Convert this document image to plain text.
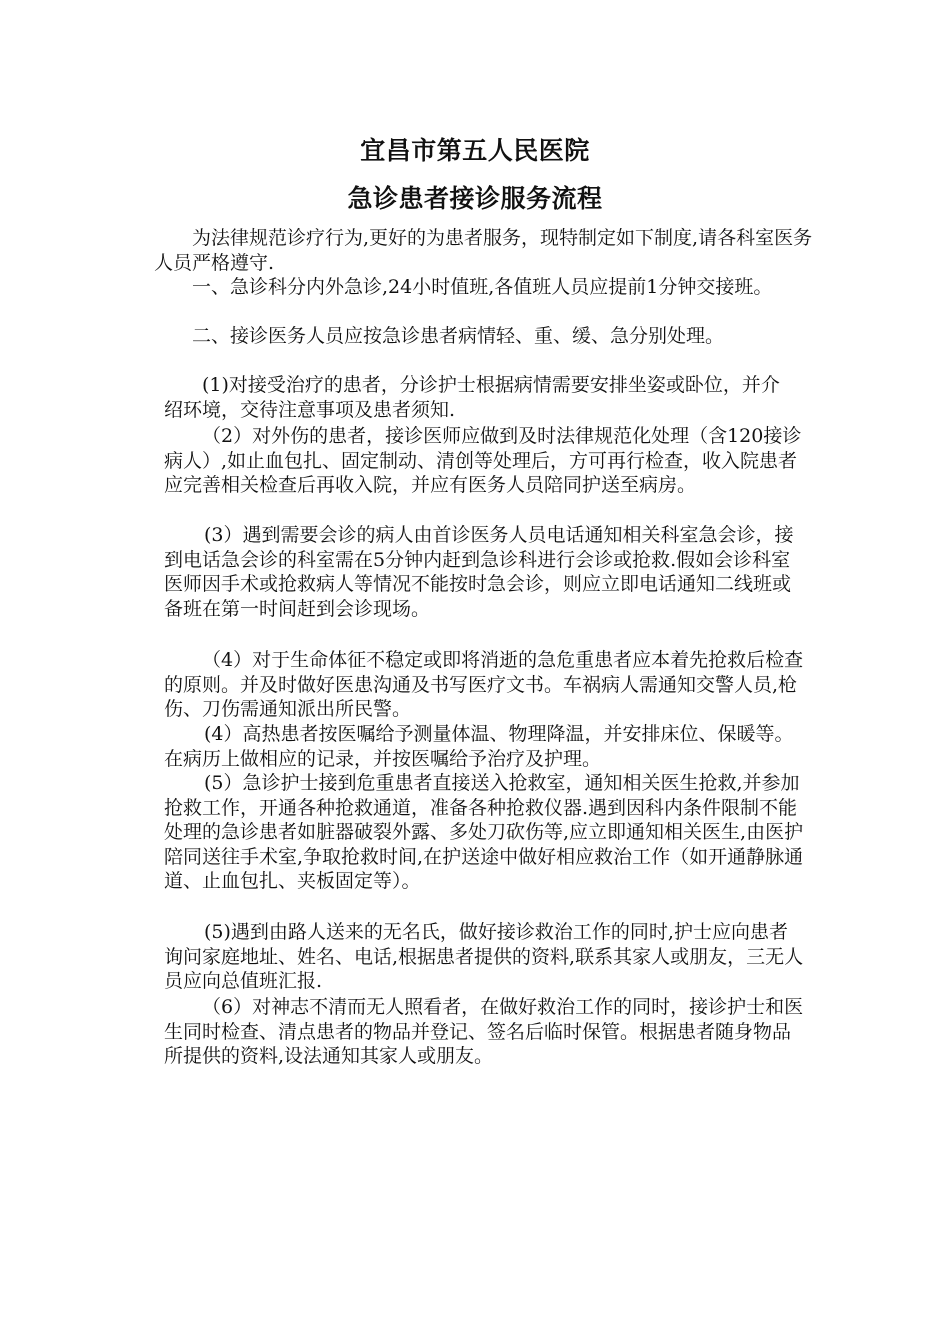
宜昌市第五人民医院
急诊患者接诊服务流程

为法律规范诊疗行为,更好的为患者服务，现特制定如下制度,请各科室医务人员严格遵守.

一、急诊科分内外急诊,24小时值班,各值班人员应提前1分钟交接班。

二、接诊医务人员应按急诊患者病情轻、重、缓、急分别处理。

(1)对接受治疗的患者，分诊护士根据病情需要安排坐姿或卧位，并介绍环境，交待注意事项及患者须知.

（2）对外伤的患者，接诊医师应做到及时法律规范化处理（含120接诊病人）,如止血包扎、固定制动、清创等处理后，方可再行检查，收入院患者应完善相关检查后再收入院，并应有医务人员陪同护送至病房。

(3）遇到需要会诊的病人由首诊医务人员电话通知相关科室急会诊，接到电话急会诊的科室需在5分钟内赶到急诊科进行会诊或抢救.假如会诊科室医师因手术或抢救病人等情况不能按时急会诊，则应立即电话通知二线班或备班在第一时间赶到会诊现场。

（4）对于生命体征不稳定或即将消逝的急危重患者应本着先抢救后检查的原则。并及时做好医患沟通及书写医疗文书。车祸病人需通知交警人员,枪伤、刀伤需通知派出所民警。

(4）高热患者按医嘱给予测量体温、物理降温，并安排床位、保暖等。在病历上做相应的记录，并按医嘱给予治疗及护理。

(5）急诊护士接到危重患者直接送入抢救室，通知相关医生抢救,并参加抢救工作，开通各种抢救通道，准备各种抢救仪器.遇到因科内条件限制不能处理的急诊患者如脏器破裂外露、多处刀砍伤等,应立即通知相关医生,由医护陪同送往手术室,争取抢救时间,在护送途中做好相应救治工作（如开通静脉通道、止血包扎、夹板固定等）。

(5)遇到由路人送来的无名氏，做好接诊救治工作的同时,护士应向患者询问家庭地址、姓名、电话,根据患者提供的资料,联系其家人或朋友，三无人员应向总值班汇报.

（6）对神志不清而无人照看者，在做好救治工作的同时，接诊护士和医生同时检查、清点患者的物品并登记、签名后临时保管。根据患者随身物品所提供的资料,设法通知其家人或朋友。
